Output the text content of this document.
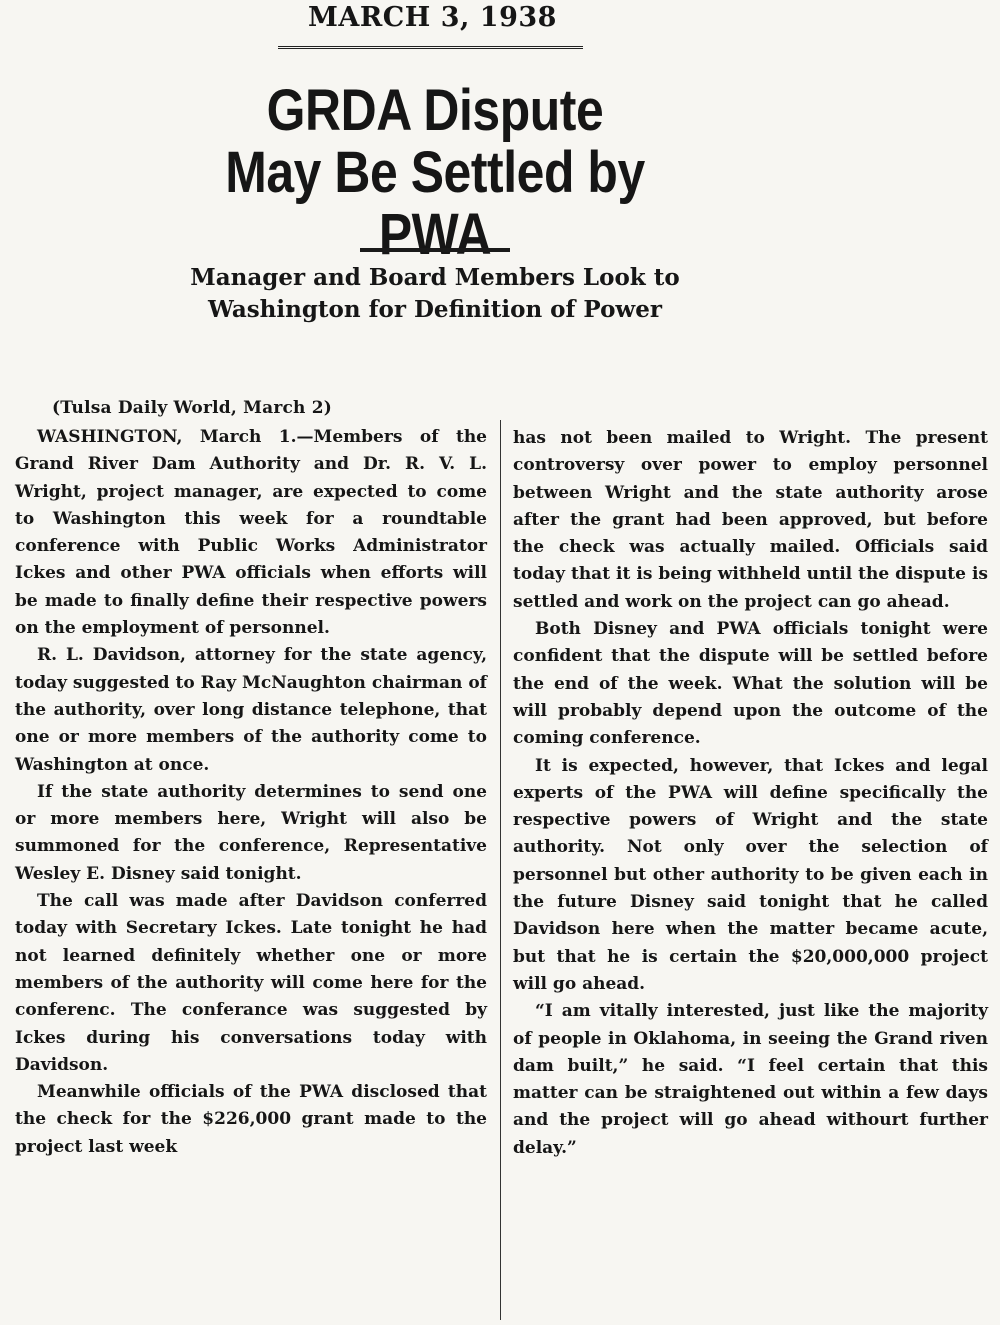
MARCH 3, 1938
GRDA Dispute May Be Settled by PWA
Manager and Board Members Look to Washington for Definition of Power
(Tulsa Daily World, March 2)

WASHINGTON, March 1.—Members of the Grand River Dam Authority and Dr. R. V. L. Wright, project manager, are expected to come to Washington this week for a roundtable conference with Public Works Administrator Ickes and other PWA officials when efforts will be made to finally define their respective powers on the employment of personnel.

R. L. Davidson, attorney for the state agency, today suggested to Ray McNaughton chairman of the authority, over long distance telephone, that one or more members of the authority come to Washington at once.

If the state authority determines to send one or more members here, Wright will also be summoned for the conference, Representative Wesley E. Disney said tonight.

The call was made after Davidson conferred today with Secretary Ickes. Late tonight he had not learned definitely whether one or more members of the authority will come here for the conferenc. The conferance was suggested by Ickes during his conversations today with Davidson.

Meanwhile officials of the PWA disclosed that the check for the $226,000 grant made to the project last week

has not been mailed to Wright. The present controversy over power to employ personnel between Wright and the state authority arose after the grant had been approved, but before the check was actually mailed. Officials said today that it is being withheld until the dispute is settled and work on the project can go ahead.

Both Disney and PWA officials tonight were confident that the dispute will be settled before the end of the week. What the solution will be will probably depend upon the outcome of the coming conference.

It is expected, however, that Ickes and legal experts of the PWA will define specifically the respective powers of Wright and the state authority. Not only over the selection of personnel but other authority to be given each in the future Disney said tonight that he called Davidson here when the matter became acute, but that he is certain the $20,000,000 project will go ahead.

“I am vitally interested, just like the majority of people in Oklahoma, in seeing the Grand riven dam built,” he said. “I feel certain that this matter can be straightened out within a few days and the project will go ahead withourt further delay.”
